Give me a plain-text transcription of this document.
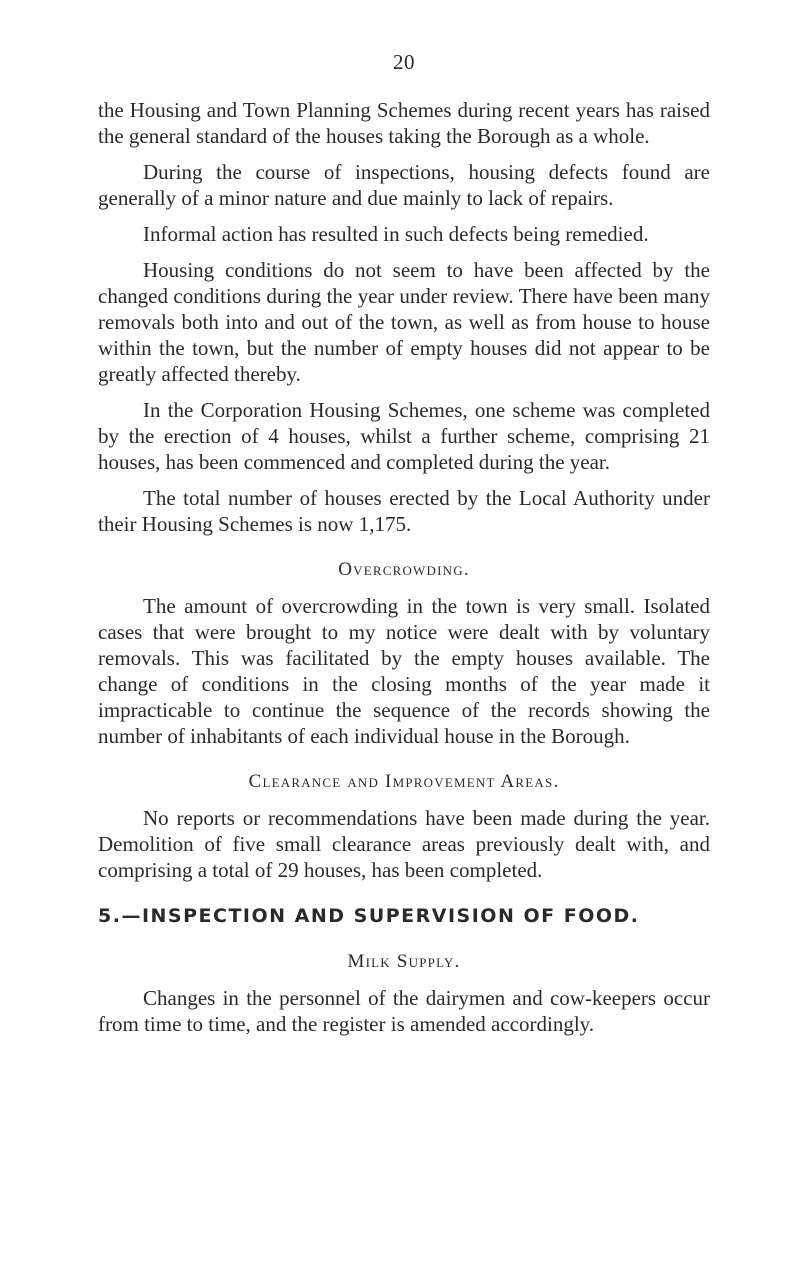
20

the Housing and Town Planning Schemes during recent years has raised the general standard of the houses taking the Borough as a whole.

During the course of inspections, housing defects found are generally of a minor nature and due mainly to lack of repairs.

Informal action has resulted in such defects being remedied.

Housing conditions do not seem to have been affected by the changed conditions during the year under review. There have been many removals both into and out of the town, as well as from house to house within the town, but the number of empty houses did not appear to be greatly affected thereby.

In the Corporation Housing Schemes, one scheme was completed by the erection of 4 houses, whilst a further scheme, comprising 21 houses, has been commenced and completed during the year.

The total number of houses erected by the Local Authority under their Housing Schemes is now 1,175.

Overcrowding.

The amount of overcrowding in the town is very small. Isolated cases that were brought to my notice were dealt with by voluntary removals. This was facilitated by the empty houses available. The change of conditions in the closing months of the year made it impracticable to continue the sequence of the records showing the number of inhabitants of each individual house in the Borough.

Clearance and Improvement Areas.

No reports or recommendations have been made during the year. Demolition of five small clearance areas previously dealt with, and comprising a total of 29 houses, has been completed.

5.—INSPECTION AND SUPERVISION OF FOOD.
Milk Supply.

Changes in the personnel of the dairymen and cow-keepers occur from time to time, and the register is amended accordingly.
